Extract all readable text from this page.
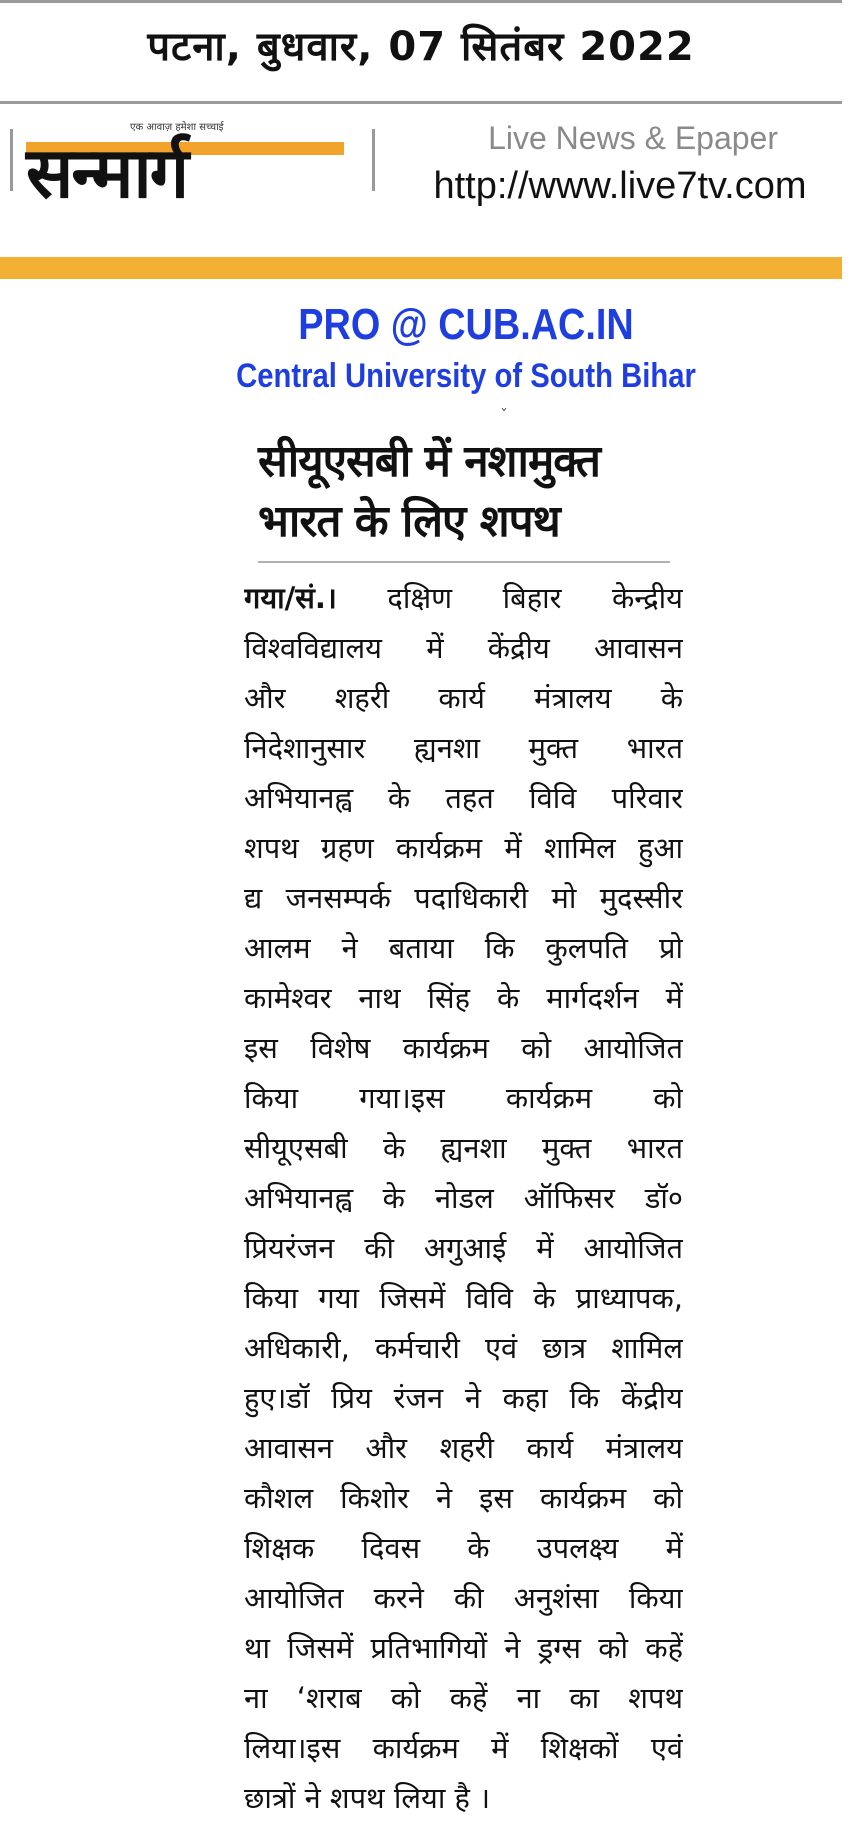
पटना, बुधवार, 07 सितंबर 2022
एक आवाज़ हमेशा सच्चाई
सन्मार्ग	Live News & Epaper
http://www.live7tv.com
PRO @ CUB.AC.IN
Central University of South Bihar
ˇ
सीयूएसबी में नशामुक्त
भारत के लिए शपथ
गया/सं.। दक्षिण बिहार केन्द्रीय
विश्वविद्यालय में केंद्रीय आवासन
और शहरी कार्य मंत्रालय के
निदेशानुसार ह्यनशा मुक्त भारत
अभियानह्व के तहत विवि परिवार
शपथ ग्रहण कार्यक्रम में शामिल हुआ
द्य जनसम्पर्क पदाधिकारी मो मुदस्सीर
आलम ने बताया कि कुलपति प्रो
कामेश्वर नाथ सिंह के मार्गदर्शन में
इस विशेष कार्यक्रम को आयोजित
किया गया।इस कार्यक्रम को
सीयूएसबी के ह्यनशा मुक्त भारत
अभियानह्व के नोडल ऑफिसर डॉ०
प्रियरंजन की अगुआई में आयोजित
किया गया जिसमें विवि के प्राध्यापक,
अधिकारी, कर्मचारी एवं छात्र शामिल
हुए।डॉ प्रिय रंजन ने कहा कि केंद्रीय
आवासन और शहरी कार्य मंत्रालय
कौशल किशोर ने इस कार्यक्रम को
शिक्षक दिवस के उपलक्ष्य में
आयोजित करने की अनुशंसा किया
था जिसमें प्रतिभागियों ने ड्रग्स को कहें
ना ‘शराब को कहें ना का शपथ
लिया।इस कार्यक्रम में शिक्षकों एवं
छात्रों ने शपथ लिया है ।
